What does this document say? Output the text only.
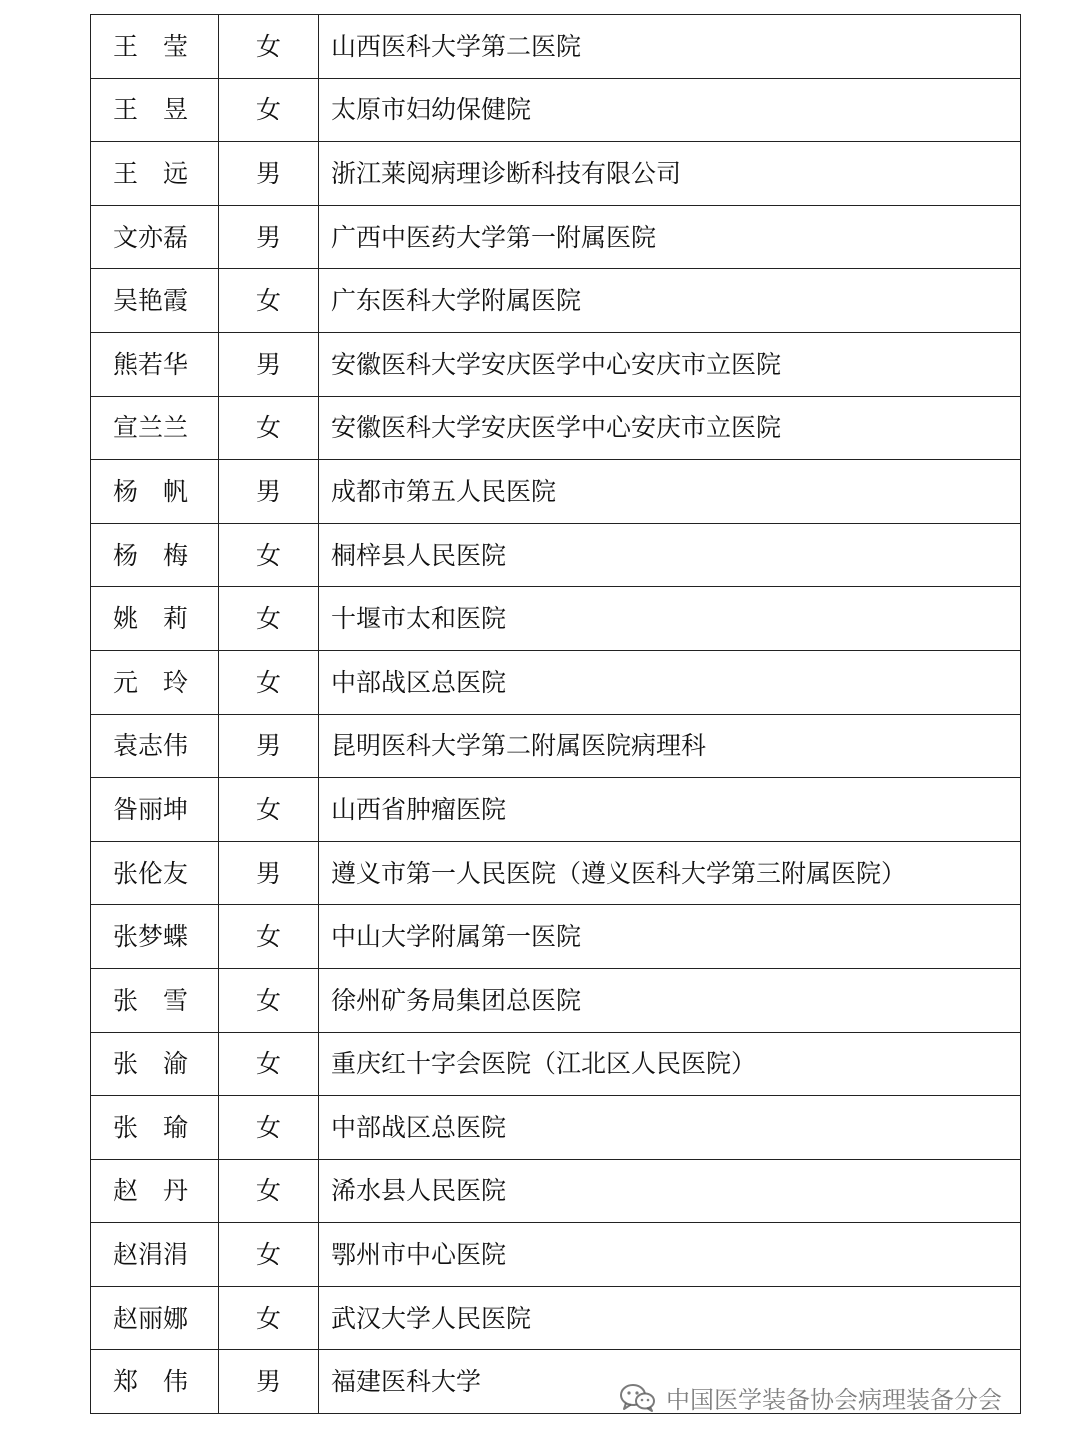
王　莹	女	山西医科大学第二医院
王　昱	女	太原市妇幼保健院
王　远	男	浙江莱阅病理诊断科技有限公司
文亦磊	男	广西中医药大学第一附属医院
吴艳霞	女	广东医科大学附属医院
熊若华	男	安徽医科大学安庆医学中心安庆市立医院
宣兰兰	女	安徽医科大学安庆医学中心安庆市立医院
杨　帆	男	成都市第五人民医院
杨　梅	女	桐梓县人民医院
姚　莉	女	十堰市太和医院
元　玲	女	中部战区总医院
袁志伟	男	昆明医科大学第二附属医院病理科
昝丽坤	女	山西省肿瘤医院
张伦友	男	遵义市第一人民医院（遵义医科大学第三附属医院）
张梦蝶	女	中山大学附属第一医院
张　雪	女	徐州矿务局集团总医院
张　渝	女	重庆红十字会医院（江北区人民医院）
张　瑜	女	中部战区总医院
赵　丹	女	浠水县人民医院
赵涓涓	女	鄂州市中心医院
赵丽娜	女	武汉大学人民医院
郑　伟	男	福建医科大学
中国医学装备协会病理装备分会
